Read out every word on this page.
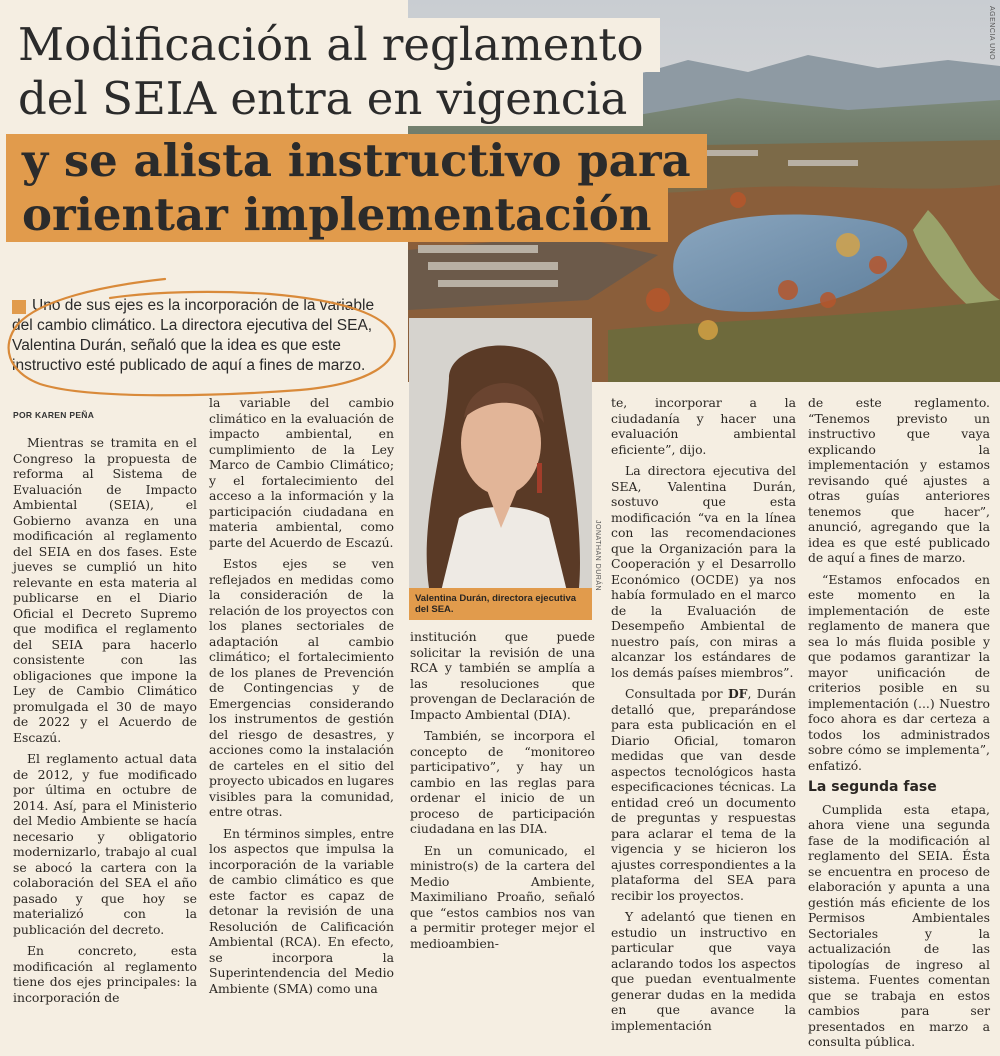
AGENCIA UNO
Modificación al reglamento del SEIA entra en vigencia
y se alista instructivo para orientar implementación

Uno de sus ejes es la incorporación de la variable del cambio climático. La directora ejecutiva del SEA, Valentina Durán, señaló que la idea es que este instructivo esté publicado de aquí a fines de marzo.

POR KAREN PEÑA

Mientras se tramita en el Congreso la propuesta de reforma al Sistema de Evaluación de Impacto Ambiental (SEIA), el Gobierno avanza en una modificación al reglamento del SEIA en dos fases. Este jueves se cumplió un hito relevante en esta materia al publicarse en el Diario Oficial el Decreto Supremo que modifica el reglamento del SEIA para hacerlo consistente con las obligaciones que impone la Ley de Cambio Climático promulgada el 30 de mayo de 2022 y el Acuerdo de Escazú.

El reglamento actual data de 2012, y fue modificado por última en octubre de 2014. Así, para el Ministerio del Medio Ambiente se hacía necesario y obligatorio modernizarlo, trabajo al cual se abocó la cartera con la colaboración del SEA el año pasado y que hoy se materializó con la publicación del decreto.

En concreto, esta modificación al reglamento tiene dos ejes principales: la incorporación de

la variable del cambio climático en la evaluación de impacto ambiental, en cumplimiento de la Ley Marco de Cambio Climático; y el fortalecimiento del acceso a la información y la participación ciudadana en materia ambiental, como parte del Acuerdo de Escazú.

Estos ejes se ven reflejados en medidas como la consideración de la relación de los proyectos con los planes sectoriales de adaptación al cambio climático; el fortalecimiento de los planes de Prevención de Contingencias y de Emergencias considerando los instrumentos de gestión del riesgo de desastres, y acciones como la instalación de carteles en el sitio del proyecto ubicados en lugares visibles para la comunidad, entre otras.

En términos simples, entre los aspectos que impulsa la incorporación de la variable de cambio climático es que este factor es capaz de detonar la revisión de una Resolución de Calificación Ambiental (RCA). En efecto, se incorpora la Superintendencia del Medio Ambiente (SMA) como una

JONATHAN DURÁN
Valentina Durán, directora ejecutiva del SEA.

institución que puede solicitar la revisión de una RCA y también se amplía a las resoluciones que provengan de Declaración de Impacto Ambiental (DIA).

También, se incorpora el concepto de “monitoreo participativo”, y hay un cambio en las reglas para ordenar el inicio de un proceso de participación ciudadana en las DIA.

En un comunicado, el ministro(s) de la cartera del Medio Ambiente, Maximiliano Proaño, señaló que “estos cambios nos van a permitir proteger mejor el medioambien-

te, incorporar a la ciudadanía y hacer una evaluación ambiental eficiente”, dijo.

La directora ejecutiva del SEA, Valentina Durán, sostuvo que esta modificación “va en la línea con las recomendaciones que la Organización para la Cooperación y el Desarrollo Económico (OCDE) ya nos había formulado en el marco de la Evaluación de Desempeño Ambiental de nuestro país, con miras a alcanzar los estándares de los demás países miembros”.

Consultada por DF, Durán detalló que, preparándose para esta publicación en el Diario Oficial, tomaron medidas que van desde aspectos tecnológicos hasta especificaciones técnicas. La entidad creó un documento de preguntas y respuestas para aclarar el tema de la vigencia y se hicieron los ajustes correspondientes a la plataforma del SEA para recibir los proyectos.

Y adelantó que tienen en estudio un instructivo en particular que vaya aclarando todos los aspectos que puedan eventualmente generar dudas en la medida en que avance la implementación

de este reglamento. “Tenemos previsto un instructivo que vaya explicando la implementación y estamos revisando qué ajustes a otras guías anteriores tenemos que hacer”, anunció, agregando que la idea es que esté publicado de aquí a fines de marzo.

“Estamos enfocados en este momento en la implementación de este reglamento de manera que sea lo más fluida posible y que podamos garantizar la mayor unificación de criterios posible en su implementación (...) Nuestro foco ahora es dar certeza a todos los administrados sobre cómo se implementa”, enfatizó.

La segunda fase

Cumplida esta etapa, ahora viene una segunda fase de la modificación al reglamento del SEIA. Ésta se encuentra en proceso de elaboración y apunta a una gestión más eficiente de los Permisos Ambientales Sectoriales y la actualización de las tipologías de ingreso al sistema. Fuentes comentan que se trabaja en estos cambios para ser presentados en marzo a consulta pública.
